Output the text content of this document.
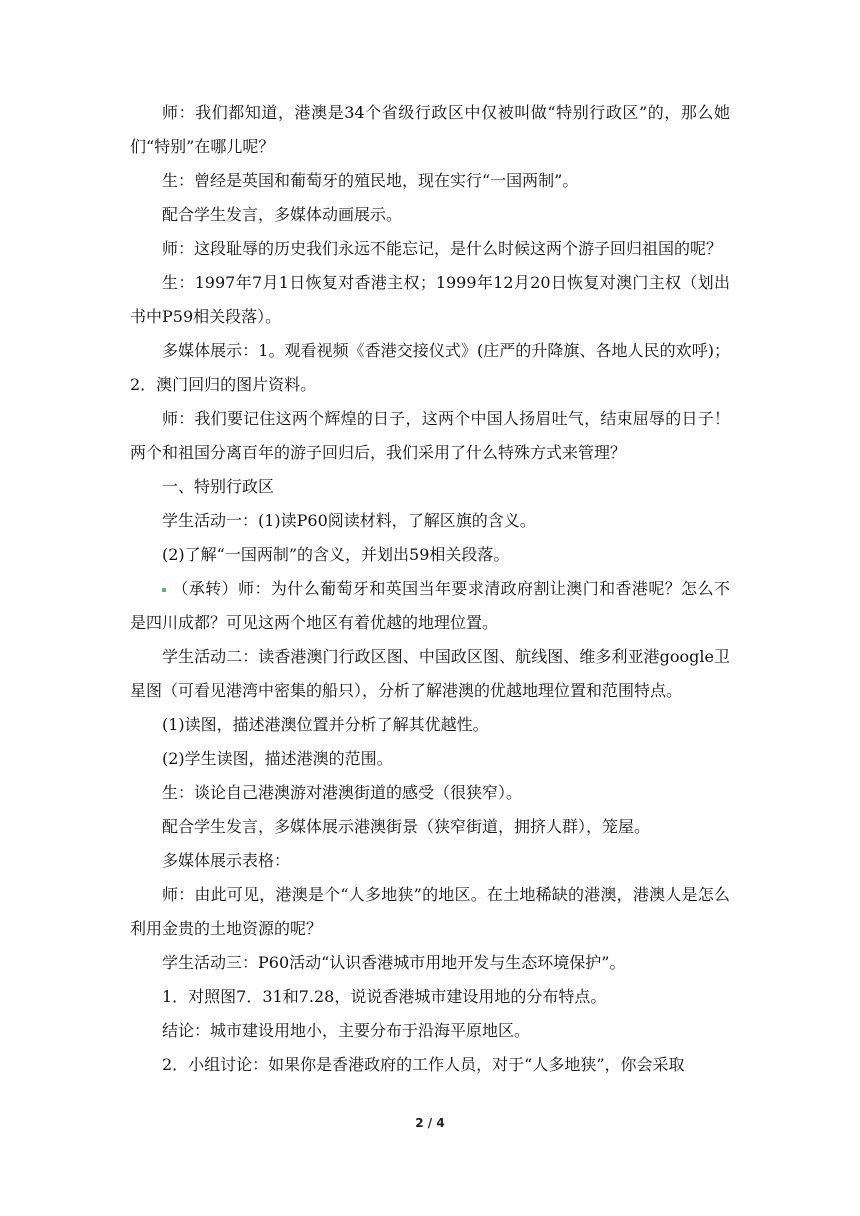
师：我们都知道，港澳是34个省级行政区中仅被叫做“特别行政区”的，那么她们“特别”在哪儿呢？

生：曾经是英国和葡萄牙的殖民地，现在实行“一国两制”。

配合学生发言，多媒体动画展示。

师：这段耻辱的历史我们永远不能忘记，是什么时候这两个游子回归祖国的呢？

生：1997年7月1日恢复对香港主权；1999年12月20日恢复对澳门主权（划出书中P59相关段落）。

多媒体展示：1。观看视频《香港交接仪式》(庄严的升降旗、各地人民的欢呼)；2．澳门回归的图片资料。

师：我们要记住这两个辉煌的日子，这两个中国人扬眉吐气，结束屈辱的日子！两个和祖国分离百年的游子回归后，我们采用了什么特殊方式来管理？

一、特别行政区

学生活动一：(1)读P60阅读材料，了解区旗的含义。

(2)了解“一国两制”的含义，并划出59相关段落。

（承转）师：为什么葡萄牙和英国当年要求清政府割让澳门和香港呢？怎么不是四川成都？可见这两个地区有着优越的地理位置。

学生活动二：读香港澳门行政区图、中国政区图、航线图、维多利亚港google卫星图（可看见港湾中密集的船只），分析了解港澳的优越地理位置和范围特点。

(1)读图，描述港澳位置并分析了解其优越性。

(2)学生读图，描述港澳的范围。

生：谈论自己港澳游对港澳街道的感受（很狭窄）。

配合学生发言，多媒体展示港澳街景（狭窄街道，拥挤人群），笼屋。

多媒体展示表格：

师：由此可见，港澳是个“人多地狭”的地区。在土地稀缺的港澳，港澳人是怎么利用金贵的土地资源的呢？

学生活动三：P60活动“认识香港城市用地开发与生态环境保护”。

1．对照图7．31和7.28，说说香港城市建设用地的分布特点。

结论：城市建设用地小，主要分布于沿海平原地区。

2．小组讨论：如果你是香港政府的工作人员，对于“人多地狭”，你会采取

2 / 4
